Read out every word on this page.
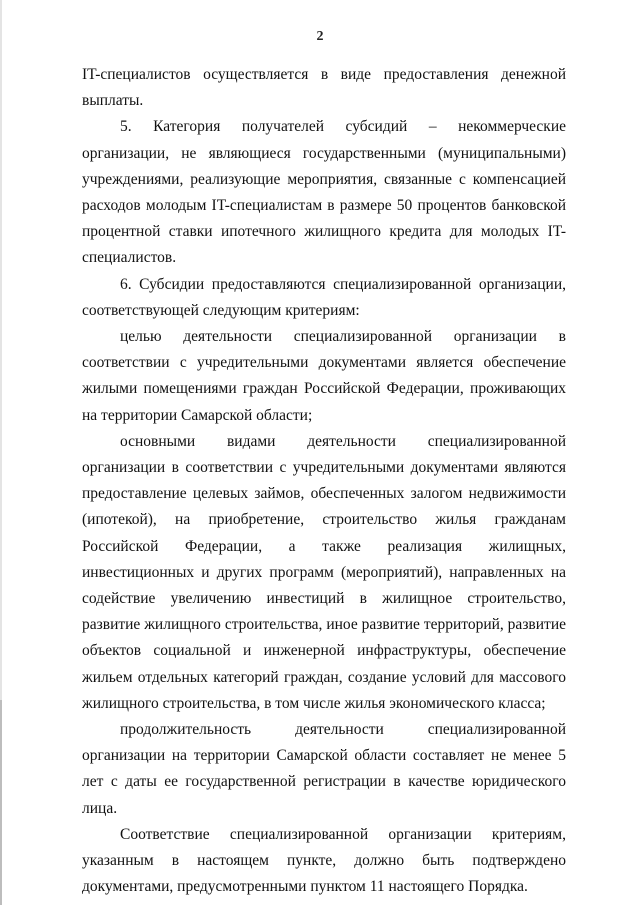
2

IT-специалистов осуществляется в виде предоставления денежной выплаты.

5. Категория получателей субсидий – некоммерческие организации, не являющиеся государственными (муниципальными) учреждениями, реализующие мероприятия, связанные с компенсацией расходов молодым IT-специалистам в размере 50 процентов банковской процентной ставки ипотечного жилищного кредита для молодых IT-специалистов.

6. Субсидии предоставляются специализированной организации, соответствующей следующим критериям:

целью деятельности специализированной организации в соответствии с учредительными документами является обеспечение жилыми помещениями граждан Российской Федерации, проживающих на территории Самарской области;

основными видами деятельности специализированной организации в соответствии с учредительными документами являются предоставление целевых займов, обеспеченных залогом недвижимости (ипотекой), на приобретение, строительство жилья гражданам Российской Федерации, а также реализация жилищных, инвестиционных и других программ (мероприятий), направленных на содействие увеличению инвестиций в жилищное строительство, развитие жилищного строительства, иное развитие территорий, развитие объектов социальной и инженерной инфраструктуры, обеспечение жильем отдельных категорий граждан, создание условий для массового жилищного строительства, в том числе жилья экономического класса;

продолжительность деятельности специализированной организации на территории Самарской области составляет не менее 5 лет с даты ее государственной регистрации в качестве юридического лица.

Соответствие специализированной организации критериям, указанным в настоящем пункте, должно быть подтверждено документами, предусмотренными пунктом 11 настоящего Порядка.
